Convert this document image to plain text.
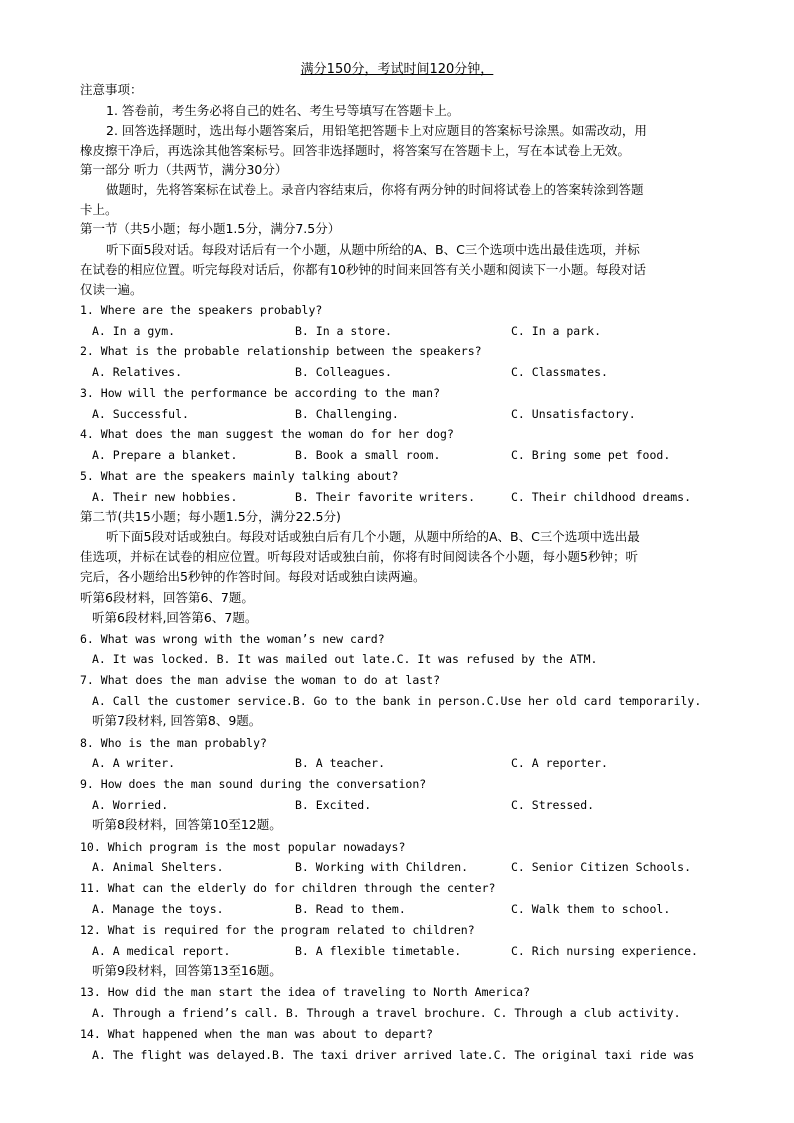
满分150分，考试时间120分钟，
注意事项：
1. 答卷前，考生务必将自己的姓名、考生号等填写在答题卡上。
2. 回答选择题时，选出每小题答案后，用铅笔把答题卡上对应题目的答案标号涂黑。如需改动，用
橡皮擦干净后，再选涂其他答案标号。回答非选择题时，将答案写在答题卡上，写在本试卷上无效。
第一部分 听力（共两节，满分30分）
做题时，先将答案标在试卷上。录音内容结束后，你将有两分钟的时间将试卷上的答案转涂到答题
卡上。
第一节（共5小题；每小题1.5分，满分7.5分）
听下面5段对话。每段对话后有一个小题，从题中所给的A、B、C三个选项中选出最佳选项，并标
在试卷的相应位置。听完每段对话后，你都有10秒钟的时间来回答有关小题和阅读下一小题。每段对话
仅读一遍。
1. Where are the speakers probably?
A. In a gym.	B. In a store.	C. In a park.
2. What is the probable relationship between the speakers?
A. Relatives.	B. Colleagues.	C. Classmates.
3. How will the performance be according to the man?
A. Successful.	B. Challenging.	C. Unsatisfactory.
4. What does the man suggest the woman do for her dog?
A. Prepare a blanket.	B. Book a small room.	C. Bring some pet food.
5. What are the speakers mainly talking about?
A. Their new hobbies.	B. Their favorite writers.	C. Their childhood dreams.
第二节(共15小题；每小题1.5分，满分22.5分)
听下面5段对话或独白。每段对话或独白后有几个小题，从题中所给的A、B、C三个选项中选出最
佳选项，并标在试卷的相应位置。听每段对话或独白前，你将有时间阅读各个小题，每小题5秒钟；听
完后，各小题给出5秒钟的作答时间。每段对话或独白读两遍。
听第6段材料，回答第6、7题。
听第6段材料,回答第6、7题。
6. What was wrong with the woman’s new card?
A. It was locked. B. It was mailed out late.C. It was refused by the ATM.
7. What does the man advise the woman to do at last?
A. Call the customer service.B. Go to the bank in person.C.Use her old card temporarily.
听第7段材料, 回答第8、9题。
8. Who is the man probably?
A. A writer.	B. A teacher.	C. A reporter.
9. How does the man sound during the conversation?
A. Worried.	B. Excited.	C. Stressed.
听第8段材料，回答第10至12题。
10. Which program is the most popular nowadays?
A. Animal Shelters.	B. Working with Children.	C. Senior Citizen Schools.
11. What can the elderly do for children through the center?
A. Manage the toys.	B. Read to them.	C. Walk them to school.
12. What is required for the program related to children?
A. A medical report.	B. A flexible timetable.	C. Rich nursing experience.
听第9段材料，回答第13至16题。
13. How did the man start the idea of traveling to North America?
A. Through a friend’s call. B. Through a travel brochure. C. Through a club activity.
14. What happened when the man was about to depart?
A. The flight was delayed.B. The taxi driver arrived late.C. The original taxi ride was
